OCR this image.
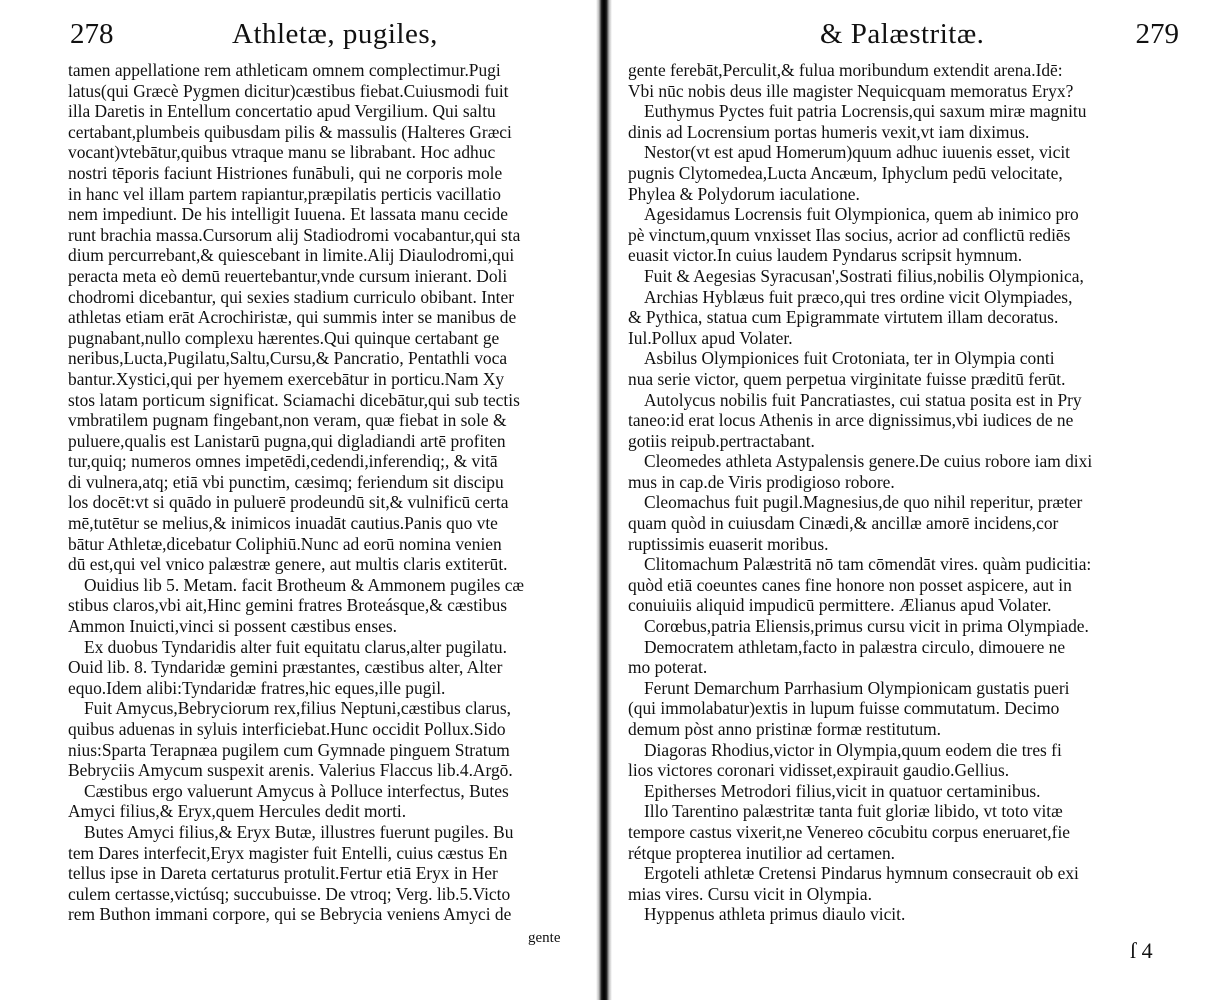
278	Athletæ, pugiles,
tamen appellatione rem athleticam omnem complectimur.Pugi
latus(qui Græcè Pygmen dicitur)cæstibus fiebat.Cuiusmodi fuit
illa Daretis in Entellum concertatio apud Vergilium. Qui saltu
certabant,plumbeis quibusdam pilis & massulis (Halteres Græci
vocant)vtebātur,quibus vtraque manu se librabant. Hoc adhuc
nostri tēporis faciunt Histriones funābuli, qui ne corporis mole
in hanc vel illam partem rapiantur,præpilatis perticis vacillatio
nem impediunt. De his intelligit Iuuena. Et lassata manu cecide
runt brachia massa.Cursorum alij Stadiodromi vocabantur,qui sta
dium percurrebant,& quiescebant in limite.Alij Diaulodromi,qui
peracta meta eò demū reuertebantur,vnde cursum inierant. Doli
chodromi dicebantur, qui sexies stadium curriculo obibant. Inter
athletas etiam erāt Acrochiristæ, qui summis inter se manibus de
pugnabant,nullo complexu hærentes.Qui quinque certabant ge
neribus,Lucta,Pugilatu,Saltu,Cursu,& Pancratio, Pentathli voca
bantur.Xystici,qui per hyemem exercebātur in porticu.Nam Xy
stos latam porticum significat. Sciamachi dicebātur,qui sub tectis
vmbratilem pugnam fingebant,non veram, quæ fiebat in sole &
puluere,qualis est Lanistarū pugna,qui digladiandi artē profiten
tur,quiq; numeros omnes impetēdi,cedendi,inferendiq;, & vitā
di vulnera,atq; etiā vbi punctim, cæsimq; feriendum sit discipu
los docēt:vt si quādo in puluerē prodeundū sit,& vulnificū certa
mē,tutētur se melius,& inimicos inuadāt cautius.Panis quo vte
bātur Athletæ,dicebatur Coliphiū.Nunc ad eorū nomina venien
dū est,qui vel vnico palæstræ genere, aut multis claris extiterūt.
Ouidius lib 5. Metam. facit Brotheum & Ammonem pugiles cæ
stibus claros,vbi ait,Hinc gemini fratres Broteásque,& cæstibus
Ammon Inuicti,vinci si possent cæstibus enses.
Ex duobus Tyndaridis alter fuit equitatu clarus,alter pugilatu.
Ouid lib. 8. Tyndaridæ gemini præstantes, cæstibus alter, Alter
equo.Idem alibi:Tyndaridæ fratres,hic eques,ille pugil.
Fuit Amycus,Bebryciorum rex,filius Neptuni,cæstibus clarus,
quibus aduenas in syluis interficiebat.Hunc occidit Pollux.Sido
nius:Sparta Terapnæa pugilem cum Gymnade pinguem Stratum
Bebryciis Amycum suspexit arenis. Valerius Flaccus lib.4.Argō.
Cæstibus ergo valuerunt Amycus à Polluce interfectus, Butes
Amyci filius,& Eryx,quem Hercules dedit morti.
Butes Amyci filius,& Eryx Butæ, illustres fuerunt pugiles. Bu
tem Dares interfecit,Eryx magister fuit Entelli, cuius cæstus En
tellus ipse in Dareta certaturus protulit.Fertur etiā Eryx in Her
culem certasse,victúsq; succubuisse. De vtroq; Verg. lib.5.Victo
rem Buthon immani corpore, qui se Bebrycia veniens Amyci de
gente
& Palæstritæ.	279
gente ferebāt,Perculit,& fulua moribundum extendit arena.Idē:
Vbi nūc nobis deus ille magister Nequicquam memoratus Eryx?
Euthymus Pyctes fuit patria Locrensis,qui saxum miræ magnitu
dinis ad Locrensium portas humeris vexit,vt iam diximus.
Nestor(vt est apud Homerum)quum adhuc iuuenis esset, vicit
pugnis Clytomedea,Lucta Ancæum, Iphyclum pedū velocitate,
Phylea & Polydorum iaculatione.
Agesidamus Locrensis fuit Olympionica, quem ab inimico pro
pè vinctum,quum vnxisset Ilas socius, acrior ad conflictū rediēs
euasit victor.In cuius laudem Pyndarus scripsit hymnum.
Fuit & Aegesias Syracusan',Sostrati filius,nobilis Olympionica,
Archias Hyblæus fuit præco,qui tres ordine vicit Olympiades,
& Pythica, statua cum Epigrammate virtutem illam decoratus.
Iul.Pollux apud Volater.
Asbilus Olympionices fuit Crotoniata, ter in Olympia conti
nua serie victor, quem perpetua virginitate fuisse præditū ferūt.
Autolycus nobilis fuit Pancratiastes, cui statua posita est in Pry
taneo:id erat locus Athenis in arce dignissimus,vbi iudices de ne
gotiis reipub.pertractabant.
Cleomedes athleta Astypalensis genere.De cuius robore iam dixi
mus in cap.de Viris prodigioso robore.
Cleomachus fuit pugil.Magnesius,de quo nihil reperitur, præter
quam quòd in cuiusdam Cinædi,& ancillæ amorē incidens,cor
ruptissimis euaserit moribus.
Clitomachum Palæstritā nō tam cōmendāt vires. quàm pudicitia:
quòd etiā coeuntes canes fine honore non posset aspicere, aut in
conuiuiis aliquid impudicū permittere. Ælianus apud Volater.
Corœbus,patria Eliensis,primus cursu vicit in prima Olympiade.
Democratem athletam,facto in palæstra circulo, dimouere ne
mo poterat.
Ferunt Demarchum Parrhasium Olympionicam gustatis pueri
(qui immolabatur)extis in lupum fuisse commutatum. Decimo
demum pòst anno pristinæ formæ restitutum.
Diagoras Rhodius,victor in Olympia,quum eodem die tres fi
lios victores coronari vidisset,expirauit gaudio.Gellius.
Epitherses Metrodori filius,vicit in quatuor certaminibus.
Illo Tarentino palæstritæ tanta fuit gloriæ libido, vt toto vitæ
tempore castus vixerit,ne Venereo cōcubitu corpus eneruaret,fie
rétque propterea inutilior ad certamen.
Ergoteli athletæ Cretensi Pindarus hymnum consecrauit ob exi
mias vires. Cursu vicit in Olympia.
Hyppenus athleta primus diaulo vicit.
ſ 4
